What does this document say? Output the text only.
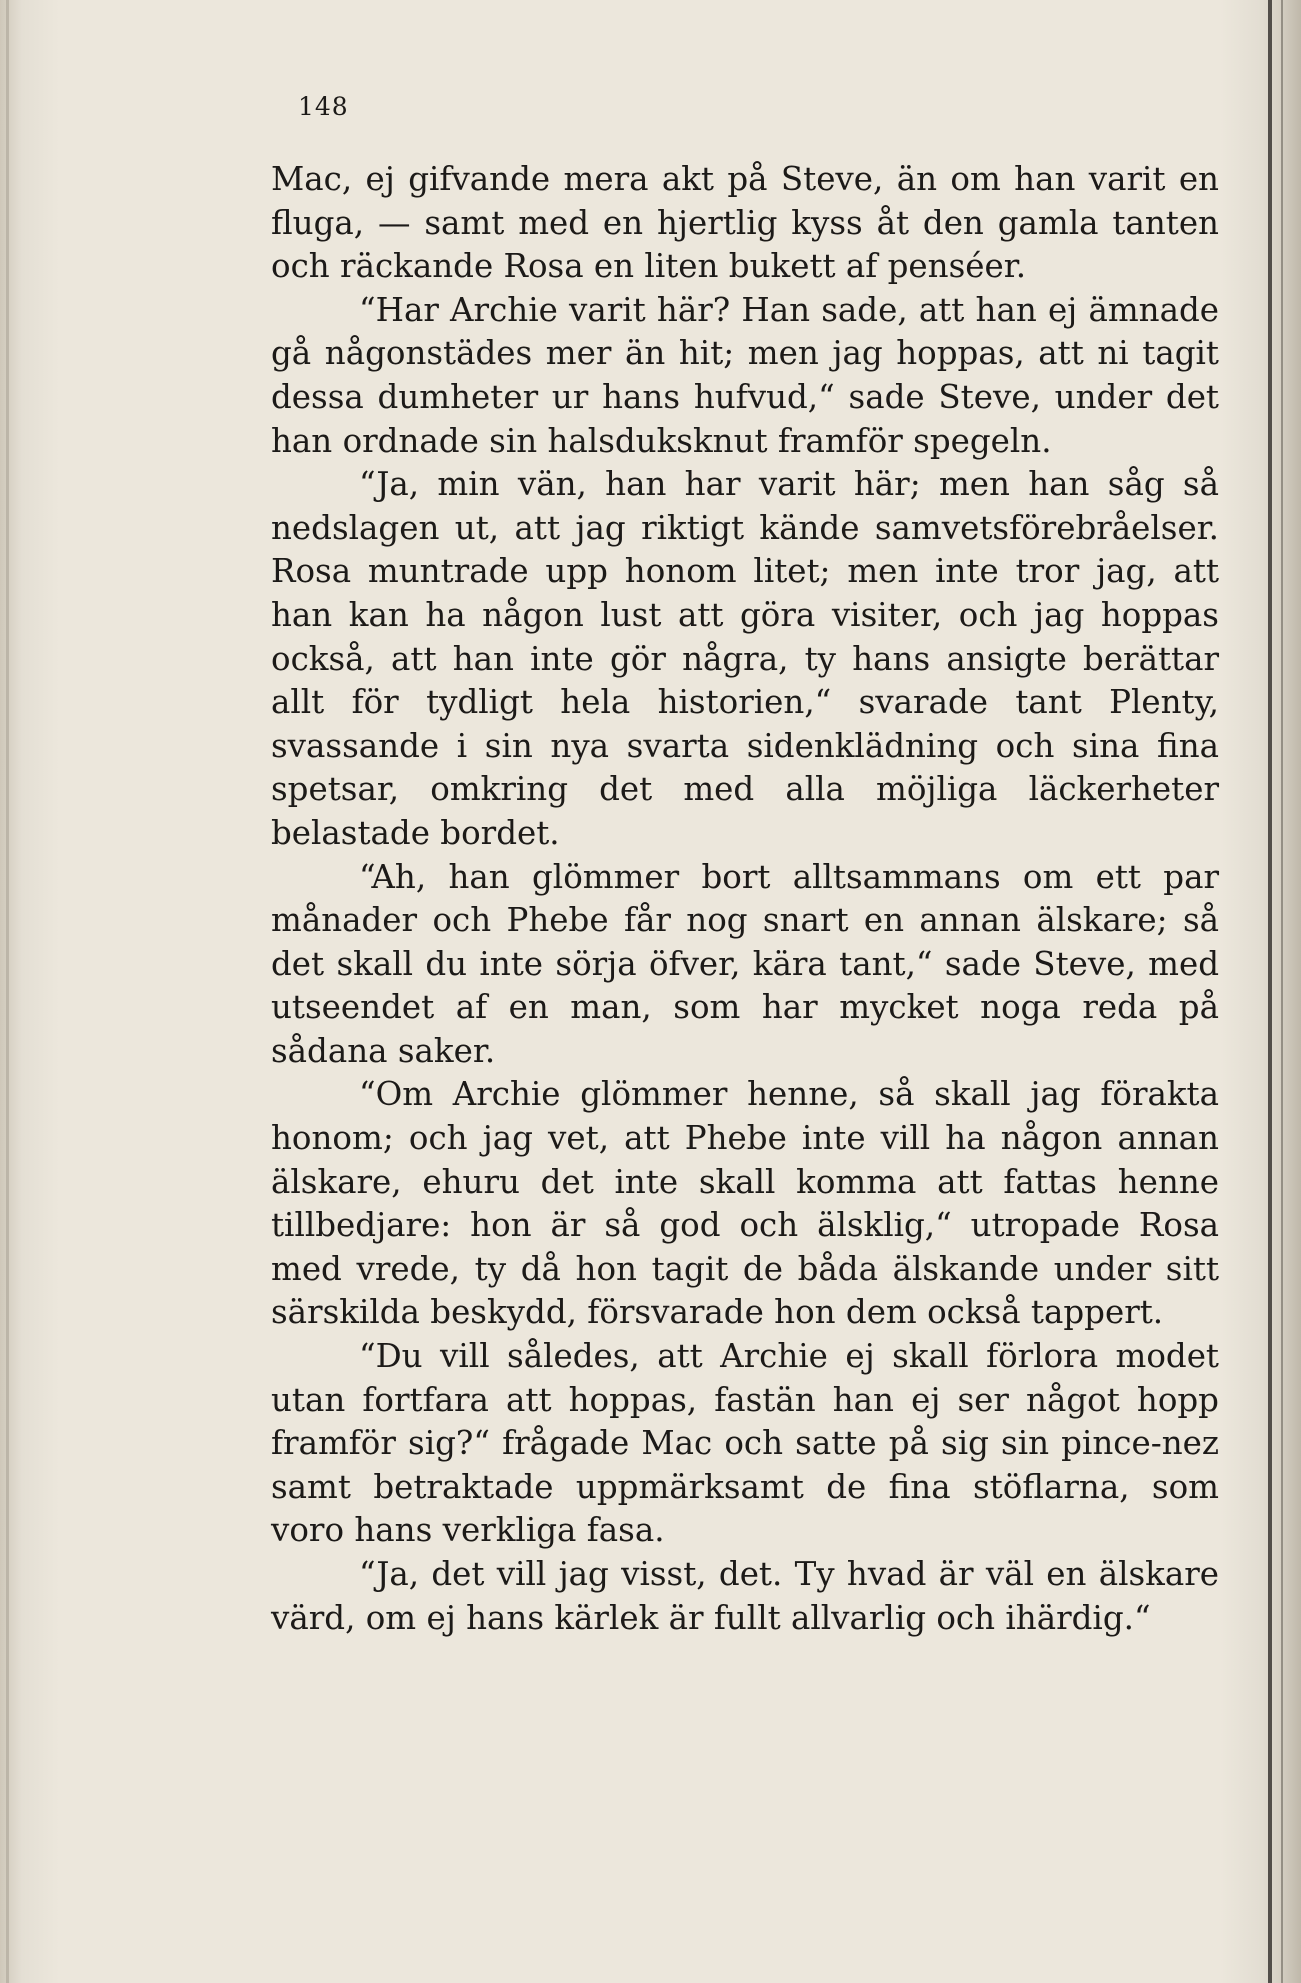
148

Mac, ej gifvande mera akt på Steve, än om han varit en fluga, — samt med en hjertlig kyss åt den gamla tanten och räckande Rosa en liten bukett af penséer.

“Har Archie varit här? Han sade, att han ej ämnade gå någonstädes mer än hit; men jag hoppas, att ni tagit dessa dumheter ur hans hufvud,“ sade Steve, under det han ordnade sin halsduksknut framför spegeln.

“Ja, min vän, han har varit här; men han såg så nedslagen ut, att jag riktigt kände samvetsförebråelser. Rosa muntrade upp honom litet; men inte tror jag, att han kan ha någon lust att göra visiter, och jag hoppas också, att han inte gör några, ty hans ansigte berättar allt för tydligt hela historien,“ svarade tant Plenty, svassande i sin nya svarta sidenklädning och sina fina spetsar, omkring det med alla möjliga läckerheter belastade bordet.

“Ah, han glömmer bort alltsammans om ett par månader och Phebe får nog snart en annan älskare; så det skall du inte sörja öfver, kära tant,“ sade Steve, med utseendet af en man, som har mycket noga reda på sådana saker.

“Om Archie glömmer henne, så skall jag förakta honom; och jag vet, att Phebe inte vill ha någon annan älskare, ehuru det inte skall komma att fattas henne tillbedjare: hon är så god och älsklig,“ utropade Rosa med vrede, ty då hon tagit de båda älskande under sitt särskilda beskydd, försvarade hon dem också tappert.

“Du vill således, att Archie ej skall förlora modet utan fortfara att hoppas, fastän han ej ser något hopp framför sig?“ frågade Mac och satte på sig sin pince-nez samt betraktade uppmärksamt de fina stöflarna, som voro hans verkliga fasa.

“Ja, det vill jag visst, det. Ty hvad är väl en älskare värd, om ej hans kärlek är fullt allvarlig och ihärdig.“
